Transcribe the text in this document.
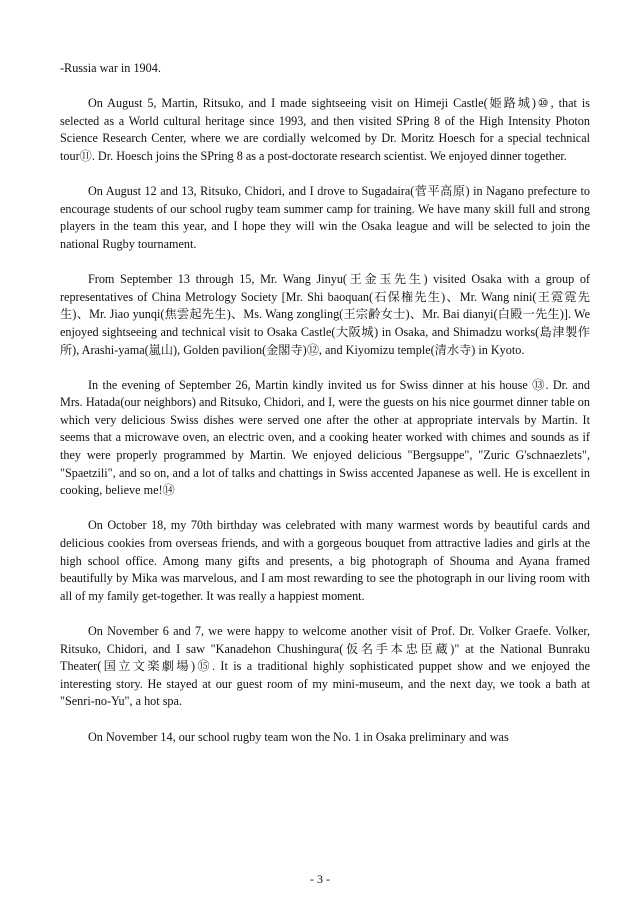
-Russia war in 1904.

On August 5, Martin, Ritsuko, and I made sightseeing visit on Himeji Castle(姫路城)⑩, that is selected as a World cultural heritage since 1993, and then visited SPring 8 of the High Intensity Photon Science Research Center, where we are cordially welcomed by Dr. Moritz Hoesch for a special technical tour⑪. Dr. Hoesch joins the SPring 8 as a post-doctorate research scientist. We enjoyed dinner together.

On August 12 and 13, Ritsuko, Chidori, and I drove to Sugadaira(菅平高原) in Nagano prefecture to encourage students of our school rugby team summer camp for training. We have many skill full and strong players in the team this year, and I hope they will win the Osaka league and will be selected to join the national Rugby tournament.

From September 13 through 15, Mr. Wang Jinyu(王金玉先生) visited Osaka with a group of representatives of China Metrology Society [Mr. Shi baoquan(石保権先生)、Mr. Wang nini(王霓霓先生)、Mr. Jiao yunqi(焦雲起先生)、Ms. Wang zongling(王宗齢女士)、Mr. Bai dianyi(白殿一先生)]. We enjoyed sightseeing and technical visit to Osaka Castle(大阪城) in Osaka, and Shimadzu works(島津製作所), Arashi-yama(嵐山), Golden pavilion(金閣寺)⑫, and Kiyomizu temple(清水寺) in Kyoto.

In the evening of September 26, Martin kindly invited us for Swiss dinner at his house ⑬. Dr. and Mrs. Hatada(our neighbors) and Ritsuko, Chidori, and I, were the guests on his nice gourmet dinner table on which very delicious Swiss dishes were served one after the other at appropriate intervals by Martin. It seems that a microwave oven, an electric oven, and a cooking heater worked with chimes and sounds as if they were properly programmed by Martin. We enjoyed delicious "Bergsuppe", "Zuric G'schnaezlets", "Spaetzili", and so on, and a lot of talks and chattings in Swiss accented Japanese as well. He is excellent in cooking, believe me!⑭

On October 18, my 70th birthday was celebrated with many warmest words by beautiful cards and delicious cookies from overseas friends, and with a gorgeous bouquet from attractive ladies and girls at the high school office. Among many gifts and presents, a big photograph of Shouma and Ayana framed beautifully by Mika was marvelous, and I am most rewarding to see the photograph in our living room with all of my family get-together. It was really a happiest moment.

On November 6 and 7, we were happy to welcome another visit of Prof. Dr. Volker Graefe. Volker, Ritsuko, Chidori, and I saw "Kanadehon Chushingura(仮名手本忠臣蔵)" at the National Bunraku Theater(国立文楽劇場)⑮. It is a traditional highly sophisticated puppet show and we enjoyed the interesting story. He stayed at our guest room of my mini-museum, and the next day, we took a bath at "Senri-no-Yu", a hot spa.

On November 14, our school rugby team won the No. 1 in Osaka preliminary and was

- 3 -
